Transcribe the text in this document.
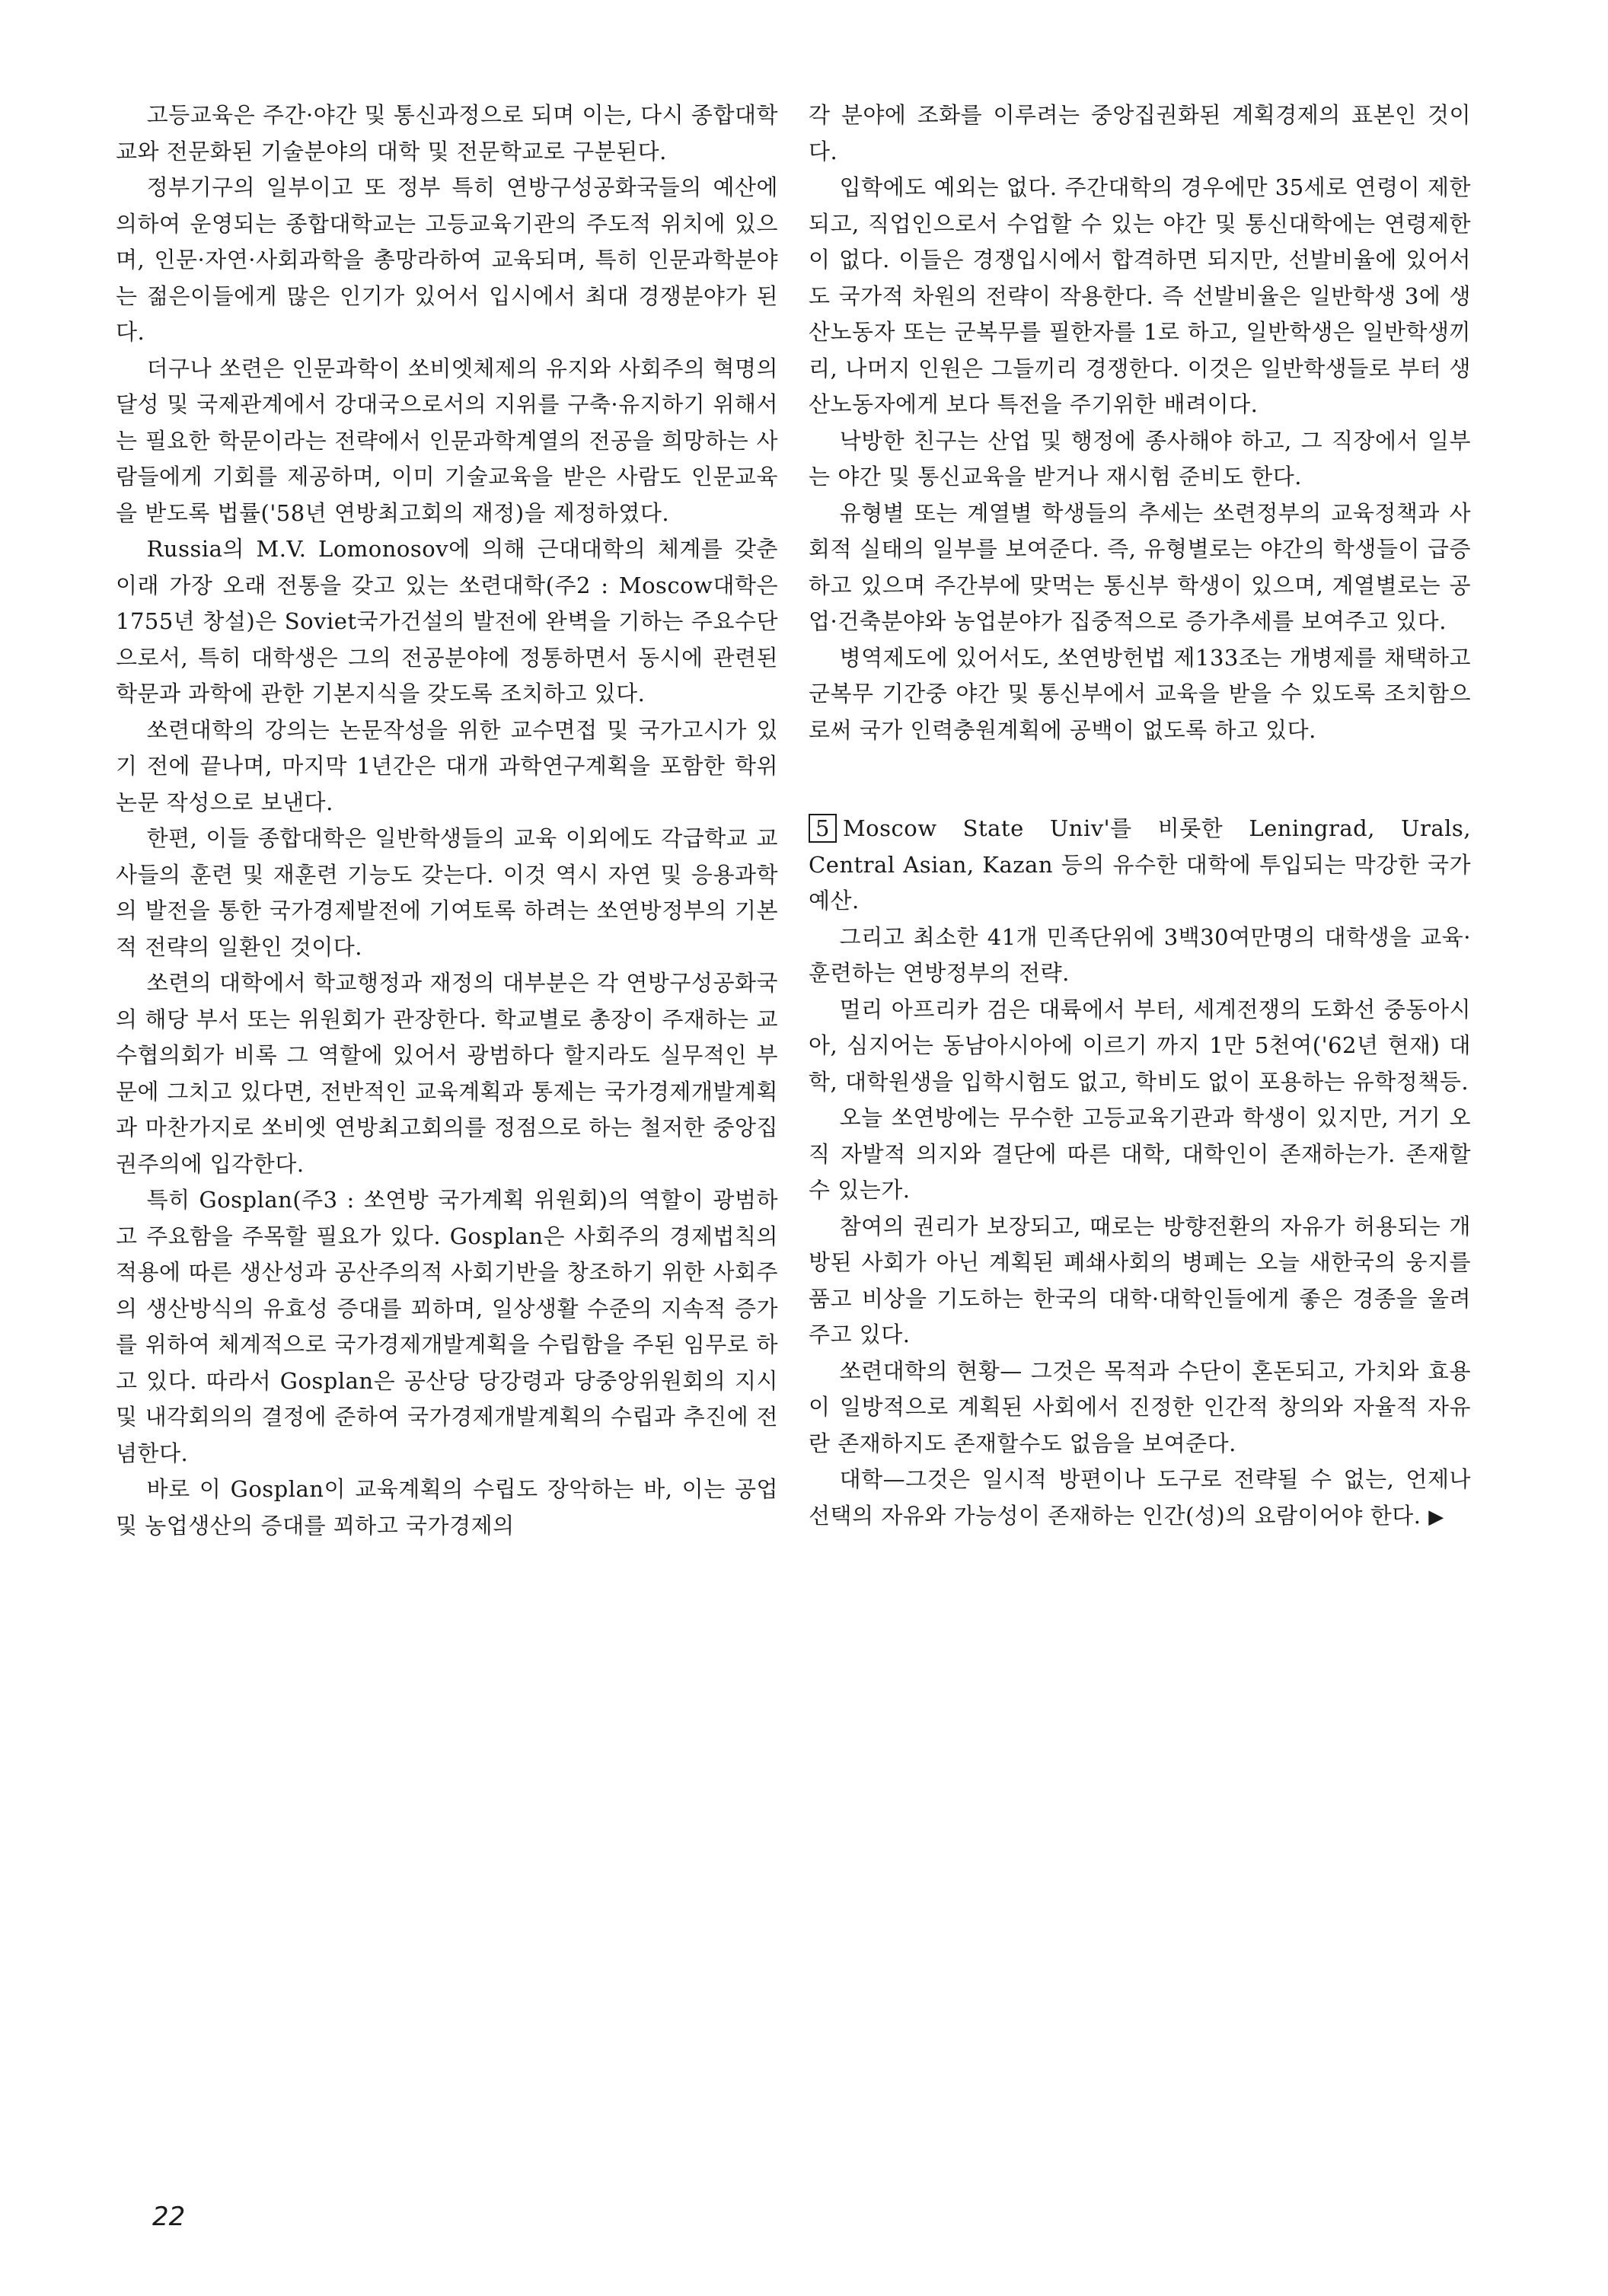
고등교육은 주간·야간 및 통신과정으로 되며 이는, 다시 종합대학교와 전문화된 기술분야의 대학 및 전문학교로 구분된다.

정부기구의 일부이고 또 정부 특히 연방구성공화국들의 예산에 의하여 운영되는 종합대학교는 고등교육기관의 주도적 위치에 있으며, 인문·자연·사회과학을 총망라하여 교육되며, 특히 인문과학분야는 젊은이들에게 많은 인기가 있어서 입시에서 최대 경쟁분야가 된다.

더구나 쏘련은 인문과학이 쏘비엣체제의 유지와 사회주의 혁명의 달성 및 국제관계에서 강대국으로서의 지위를 구축·유지하기 위해서는 필요한 학문이라는 전략에서 인문과학계열의 전공을 희망하는 사람들에게 기회를 제공하며, 이미 기술교육을 받은 사람도 인문교육을 받도록 법률('58년 연방최고회의 재정)을 제정하였다.

Russia의 M.V. Lomonosov에 의해 근대대학의 체계를 갖춘 이래 가장 오래 전통을 갖고 있는 쏘련대학(주2 : Moscow대학은 1755년 창설)은 Soviet국가건설의 발전에 완벽을 기하는 주요수단으로서, 특히 대학생은 그의 전공분야에 정통하면서 동시에 관련된 학문과 과학에 관한 기본지식을 갖도록 조치하고 있다.

쏘련대학의 강의는 논문작성을 위한 교수면접 및 국가고시가 있기 전에 끝나며, 마지막 1년간은 대개 과학연구계획을 포함한 학위논문 작성으로 보낸다.

한편, 이들 종합대학은 일반학생들의 교육 이외에도 각급학교 교사들의 훈련 및 재훈련 기능도 갖는다. 이것 역시 자연 및 응용과학의 발전을 통한 국가경제발전에 기여토록 하려는 쏘연방정부의 기본적 전략의 일환인 것이다.

쏘련의 대학에서 학교행정과 재정의 대부분은 각 연방구성공화국의 해당 부서 또는 위원회가 관장한다. 학교별로 총장이 주재하는 교수협의회가 비록 그 역할에 있어서 광범하다 할지라도 실무적인 부문에 그치고 있다면, 전반적인 교육계획과 통제는 국가경제개발계획과 마찬가지로 쏘비엣 연방최고회의를 정점으로 하는 철저한 중앙집권주의에 입각한다.

특히 Gosplan(주3 : 쏘연방 국가계획 위원회)의 역할이 광범하고 주요함을 주목할 필요가 있다. Gosplan은 사회주의 경제법칙의 적용에 따른 생산성과 공산주의적 사회기반을 창조하기 위한 사회주의 생산방식의 유효성 증대를 꾀하며, 일상생활 수준의 지속적 증가를 위하여 체계적으로 국가경제개발계획을 수립함을 주된 임무로 하고 있다. 따라서 Gosplan은 공산당 당강령과 당중앙위원회의 지시 및 내각회의의 결정에 준하여 국가경제개발계획의 수립과 추진에 전념한다.

바로 이 Gosplan이 교육계획의 수립도 장악하는 바, 이는 공업 및 농업생산의 증대를 꾀하고 국가경제의

각 분야에 조화를 이루려는 중앙집권화된 계획경제의 표본인 것이다.

입학에도 예외는 없다. 주간대학의 경우에만 35세로 연령이 제한되고, 직업인으로서 수업할 수 있는 야간 및 통신대학에는 연령제한이 없다. 이들은 경쟁입시에서 합격하면 되지만, 선발비율에 있어서도 국가적 차원의 전략이 작용한다. 즉 선발비율은 일반학생 3에 생산노동자 또는 군복무를 필한자를 1로 하고, 일반학생은 일반학생끼리, 나머지 인원은 그들끼리 경쟁한다. 이것은 일반학생들로 부터 생산노동자에게 보다 특전을 주기위한 배려이다.

낙방한 친구는 산업 및 행정에 종사해야 하고, 그 직장에서 일부는 야간 및 통신교육을 받거나 재시험 준비도 한다.

유형별 또는 계열별 학생들의 추세는 쏘련정부의 교육정책과 사회적 실태의 일부를 보여준다. 즉, 유형별로는 야간의 학생들이 급증하고 있으며 주간부에 맞먹는 통신부 학생이 있으며, 계열별로는 공업·건축분야와 농업분야가 집중적으로 증가추세를 보여주고 있다.

병역제도에 있어서도, 쏘연방헌법 제133조는 개병제를 채택하고 군복무 기간중 야간 및 통신부에서 교육을 받을 수 있도록 조치함으로써 국가 인력충원계획에 공백이 없도록 하고 있다.

5 Moscow State Univ'를 비롯한 Leningrad, Urals, Central Asian, Kazan 등의 유수한 대학에 투입되는 막강한 국가예산.

그리고 최소한 41개 민족단위에 3백30여만명의 대학생을 교육·훈련하는 연방정부의 전략.

멀리 아프리카 검은 대륙에서 부터, 세계전쟁의 도화선 중동아시아, 심지어는 동남아시아에 이르기 까지 1만 5천여('62년 현재) 대학, 대학원생을 입학시험도 없고, 학비도 없이 포용하는 유학정책등.

오늘 쏘연방에는 무수한 고등교육기관과 학생이 있지만, 거기 오직 자발적 의지와 결단에 따른 대학, 대학인이 존재하는가. 존재할 수 있는가.

참여의 권리가 보장되고, 때로는 방향전환의 자유가 허용되는 개방된 사회가 아닌 계획된 폐쇄사회의 병폐는 오늘 새한국의 웅지를 품고 비상을 기도하는 한국의 대학·대학인들에게 좋은 경종을 울려 주고 있다.

쏘련대학의 현황— 그것은 목적과 수단이 혼돈되고, 가치와 효용이 일방적으로 계획된 사회에서 진정한 인간적 창의와 자율적 자유란 존재하지도 존재할수도 없음을 보여준다.

대학—그것은 일시적 방편이나 도구로 전략될 수 없는, 언제나 선택의 자유와 가능성이 존재하는 인간(성)의 요람이어야 한다. ▶

22
